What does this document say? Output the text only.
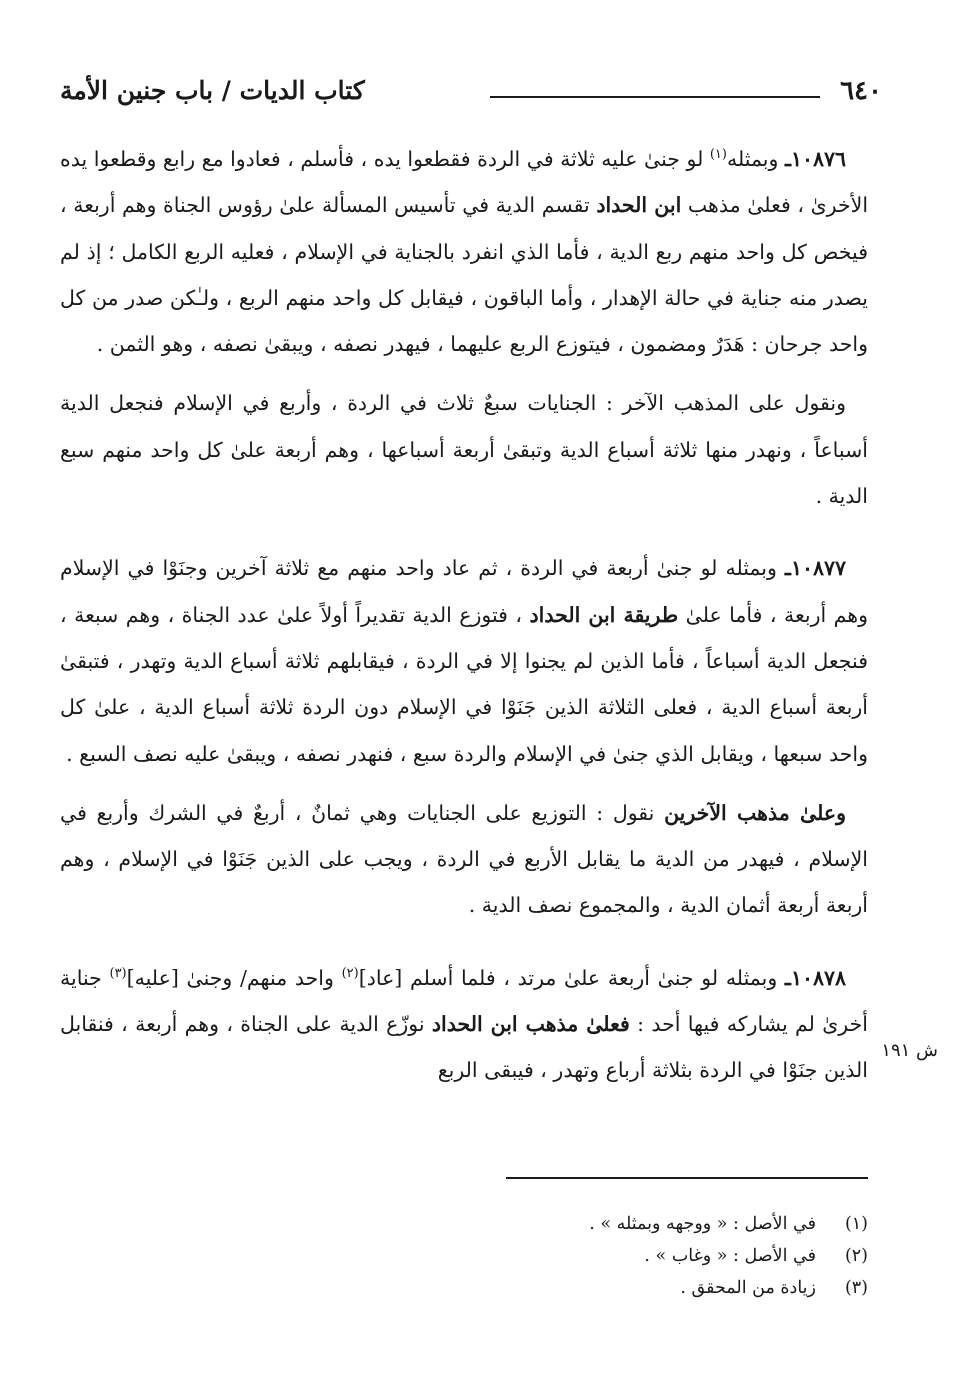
٦٤٠
كتاب الديات / باب جنين الأمة

١٠٨٧٦ـ وبمثله$^{(١)}$ لو جنىٰ عليه ثلاثة في الردة فقطعوا يده ، فأسلم ، فعادوا مع رابع وقطعوا يده الأخرىٰ ، فعلىٰ مذهب ابن الحداد تقسم الدية في تأسيس المسألة علىٰ رؤوس الجناة وهم أربعة ، فيخص كل واحد منهم ربع الدية ، فأما الذي انفرد بالجناية في الإسلام ، فعليه الربع الكامل ؛ إذ لم يصدر منه جناية في حالة الإهدار ، وأما الباقون ، فيقابل كل واحد منهم الربع ، ولـٰكن صدر من كل واحد جرحان : هَدَرٌ ومضمون ، فيتوزع الربع عليهما ، فيهدر نصفه ، ويبقىٰ نصفه ، وهو الثمن .

ونقول على المذهب الآخر : الجنايات سبعٌ ثلاث في الردة ، وأربع في الإسلام فنجعل الدية أسباعاً ، ونهدر منها ثلاثة أسباع الدية وتبقىٰ أربعة أسباعها ، وهم أربعة علىٰ كل واحد منهم سبع الدية .

١٠٨٧٧ـ وبمثله لو جنىٰ أربعة في الردة ، ثم عاد واحد منهم مع ثلاثة آخرين وجنَوْا في الإسلام وهم أربعة ، فأما علىٰ طريقة ابن الحداد ، فتوزع الدية تقديراً أولاً علىٰ عدد الجناة ، وهم سبعة ، فنجعل الدية أسباعاً ، فأما الذين لم يجنوا إلا في الردة ، فيقابلهم ثلاثة أسباع الدية وتهدر ، فتبقىٰ أربعة أسباع الدية ، فعلى الثلاثة الذين جَنَوْا في الإسلام دون الردة ثلاثة أسباع الدية ، علىٰ كل واحد سبعها ، ويقابل الذي جنىٰ في الإسلام والردة سبع ، فنهدر نصفه ، ويبقىٰ عليه نصف السبع .

وعلىٰ مذهب الآخرين نقول : التوزيع على الجنايات وهي ثمانٌ ، أربعٌ في الشرك وأربع في الإسلام ، فيهدر من الدية ما يقابل الأربع في الردة ، ويجب على الذين جَنَوْا في الإسلام ، وهم أربعة أربعة أثمان الدية ، والمجموع نصف الدية .

١٠٨٧٨ـ وبمثله لو جنىٰ أربعة علىٰ مرتد ، فلما أسلم [عاد]$^{(٢)}$ واحد منهم/ وجنىٰ [عليه]$^{(٣)}$ جناية أخرىٰ لم يشاركه فيها أحد : فعلىٰ مذهب ابن الحداد نوزّع الدية على الجناة ، وهم أربعة ، فنقابل الذين جنَوْا في الردة بثلاثة أرباع وتهدر ، فيبقى الربع

ش ١٩١
(١)
في الأصل : « ووجهه وبمثله » .
(٢)
في الأصل : « وغاب » .
(٣)
زيادة من المحقق .
